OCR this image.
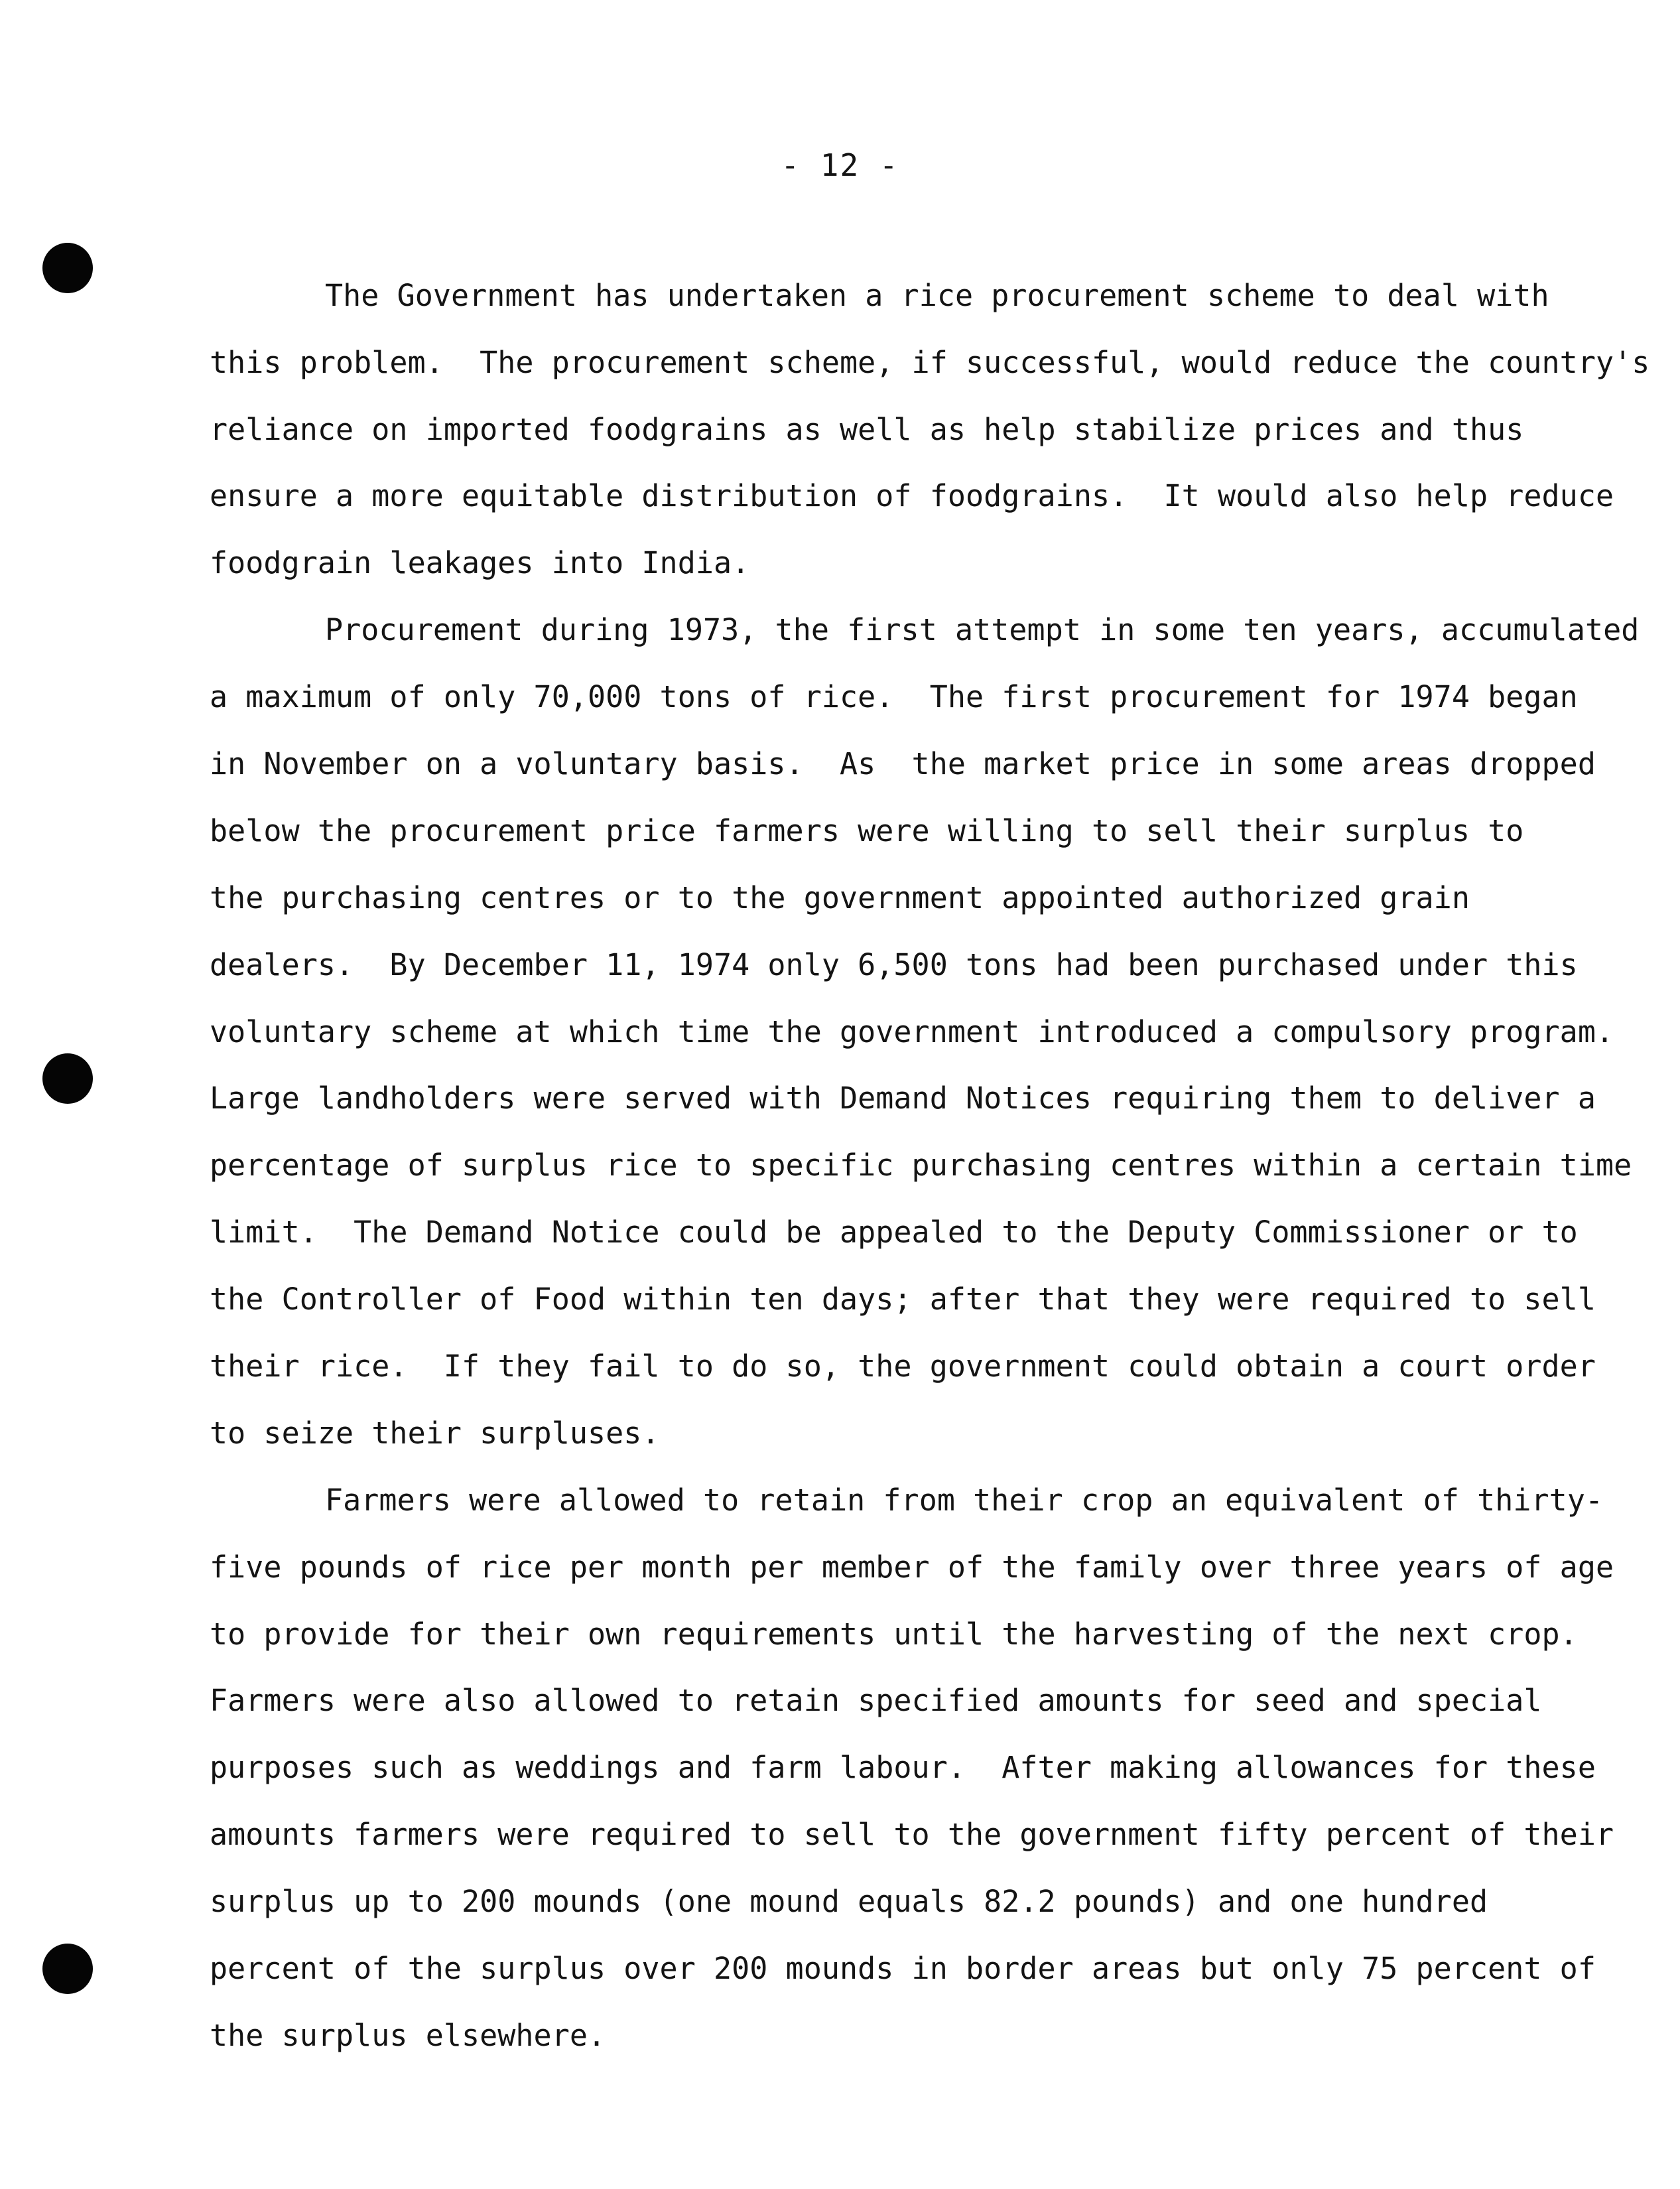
- 12 -
The Government has undertaken a rice procurement scheme to deal with
this problem.  The procurement scheme, if successful, would reduce the country's
reliance on imported foodgrains as well as help stabilize prices and thus
ensure a more equitable distribution of foodgrains.  It would also help reduce
foodgrain leakages into India.
Procurement during 1973, the first attempt in some ten years, accumulated
a maximum of only 70,000 tons of rice.  The first procurement for 1974 began
in November on a voluntary basis.  As  the market price in some areas dropped
below the procurement price farmers were willing to sell their surplus to
the purchasing centres or to the government appointed authorized grain
dealers.  By December 11, 1974 only 6,500 tons had been purchased under this
voluntary scheme at which time the government introduced a compulsory program.
Large landholders were served with Demand Notices requiring them to deliver a
percentage of surplus rice to specific purchasing centres within a certain time
limit.  The Demand Notice could be appealed to the Deputy Commissioner or to
the Controller of Food within ten days; after that they were required to sell
their rice.  If they fail to do so, the government could obtain a court order
to seize their surpluses.
Farmers were allowed to retain from their crop an equivalent of thirty-
five pounds of rice per month per member of the family over three years of age
to provide for their own requirements until the harvesting of the next crop.
Farmers were also allowed to retain specified amounts for seed and special
purposes such as weddings and farm labour.  After making allowances for these
amounts farmers were required to sell to the government fifty percent of their
surplus up to 200 mounds (one mound equals 82.2 pounds) and one hundred
percent of the surplus over 200 mounds in border areas but only 75 percent of
the surplus elsewhere.
